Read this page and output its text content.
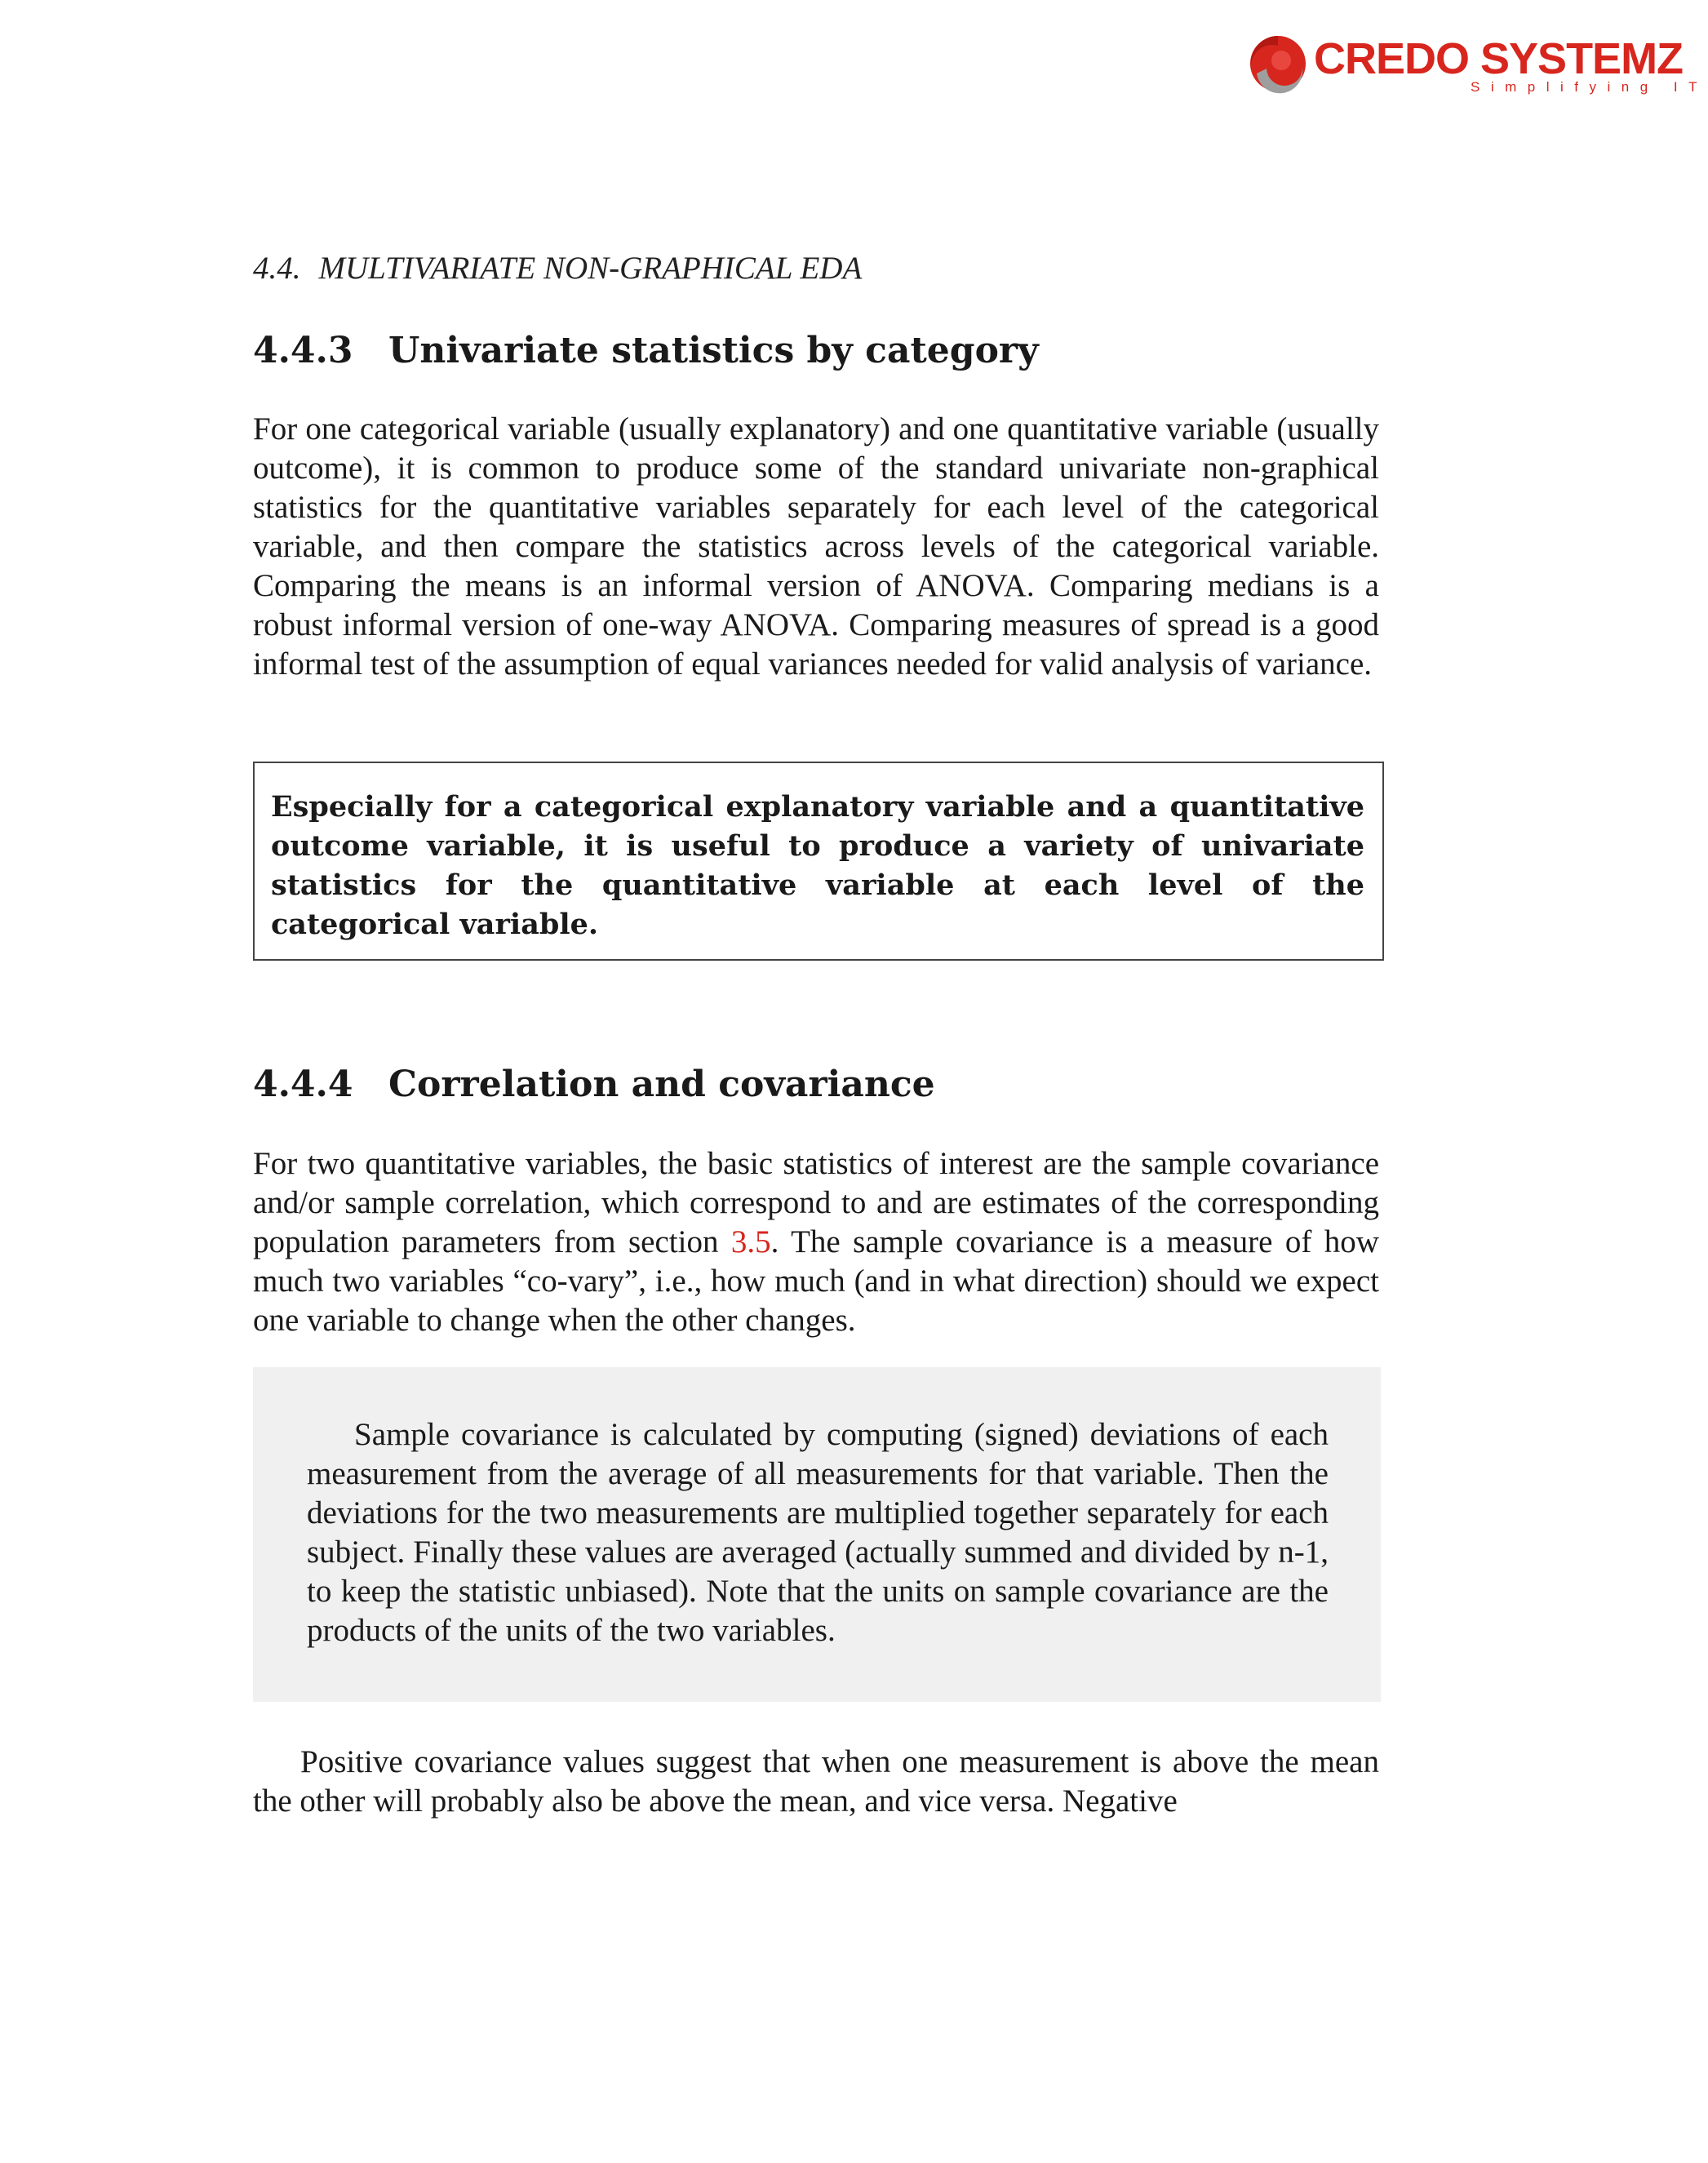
CREDO SYSTEMZ
Simplifying IT
4.4. MULTIVARIATE NON-GRAPHICAL EDA
4.4.3 Univariate statistics by category

For one categorical variable (usually explanatory) and one quantitative variable (usually outcome), it is common to produce some of the standard univariate non-graphical statistics for the quantitative variables separately for each level of the categorical variable, and then compare the statistics across levels of the categorical variable. Comparing the means is an informal version of ANOVA. Comparing medians is a robust informal version of one-way ANOVA. Comparing measures of spread is a good informal test of the assumption of equal variances needed for valid analysis of variance.

Especially for a categorical explanatory variable and a quantitative outcome variable, it is useful to produce a variety of univariate statistics for the quantitative variable at each level of the categorical variable.

4.4.4 Correlation and covariance

For two quantitative variables, the basic statistics of interest are the sample covariance and/or sample correlation, which correspond to and are estimates of the corresponding population parameters from section 3.5. The sample covariance is a measure of how much two variables “co-vary”, i.e., how much (and in what direction) should we expect one variable to change when the other changes.

Sample covariance is calculated by computing (signed) deviations of each measurement from the average of all measurements for that variable. Then the deviations for the two measurements are multiplied together separately for each subject. Finally these values are averaged (actually summed and divided by n-1, to keep the statistic unbiased). Note that the units on sample covariance are the products of the units of the two variables.

Positive covariance values suggest that when one measurement is above the mean the other will probably also be above the mean, and vice versa. Negative
